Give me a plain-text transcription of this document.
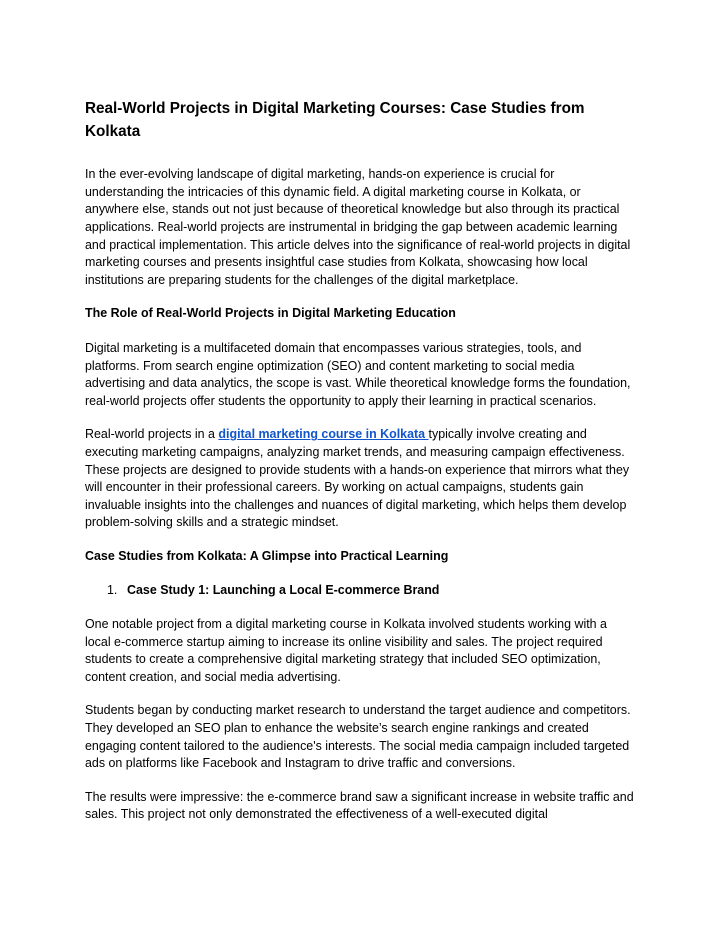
Real-World Projects in Digital Marketing Courses: Case Studies from Kolkata

In the ever-evolving landscape of digital marketing, hands-on experience is crucial for understanding the intricacies of this dynamic field. A digital marketing course in Kolkata, or anywhere else, stands out not just because of theoretical knowledge but also through its practical applications. Real-world projects are instrumental in bridging the gap between academic learning and practical implementation. This article delves into the significance of real-world projects in digital marketing courses and presents insightful case studies from Kolkata, showcasing how local institutions are preparing students for the challenges of the digital marketplace.

The Role of Real-World Projects in Digital Marketing Education

Digital marketing is a multifaceted domain that encompasses various strategies, tools, and platforms. From search engine optimization (SEO) and content marketing to social media advertising and data analytics, the scope is vast. While theoretical knowledge forms the foundation, real-world projects offer students the opportunity to apply their learning in practical scenarios.

Real-world projects in a digital marketing course in Kolkata typically involve creating and executing marketing campaigns, analyzing market trends, and measuring campaign effectiveness. These projects are designed to provide students with a hands-on experience that mirrors what they will encounter in their professional careers. By working on actual campaigns, students gain invaluable insights into the challenges and nuances of digital marketing, which helps them develop problem-solving skills and a strategic mindset.

Case Studies from Kolkata: A Glimpse into Practical Learning

1. Case Study 1: Launching a Local E-commerce Brand

One notable project from a digital marketing course in Kolkata involved students working with a local e-commerce startup aiming to increase its online visibility and sales. The project required students to create a comprehensive digital marketing strategy that included SEO optimization, content creation, and social media advertising.

Students began by conducting market research to understand the target audience and competitors. They developed an SEO plan to enhance the website’s search engine rankings and created engaging content tailored to the audience's interests. The social media campaign included targeted ads on platforms like Facebook and Instagram to drive traffic and conversions.

The results were impressive: the e-commerce brand saw a significant increase in website traffic and sales. This project not only demonstrated the effectiveness of a well-executed digital
